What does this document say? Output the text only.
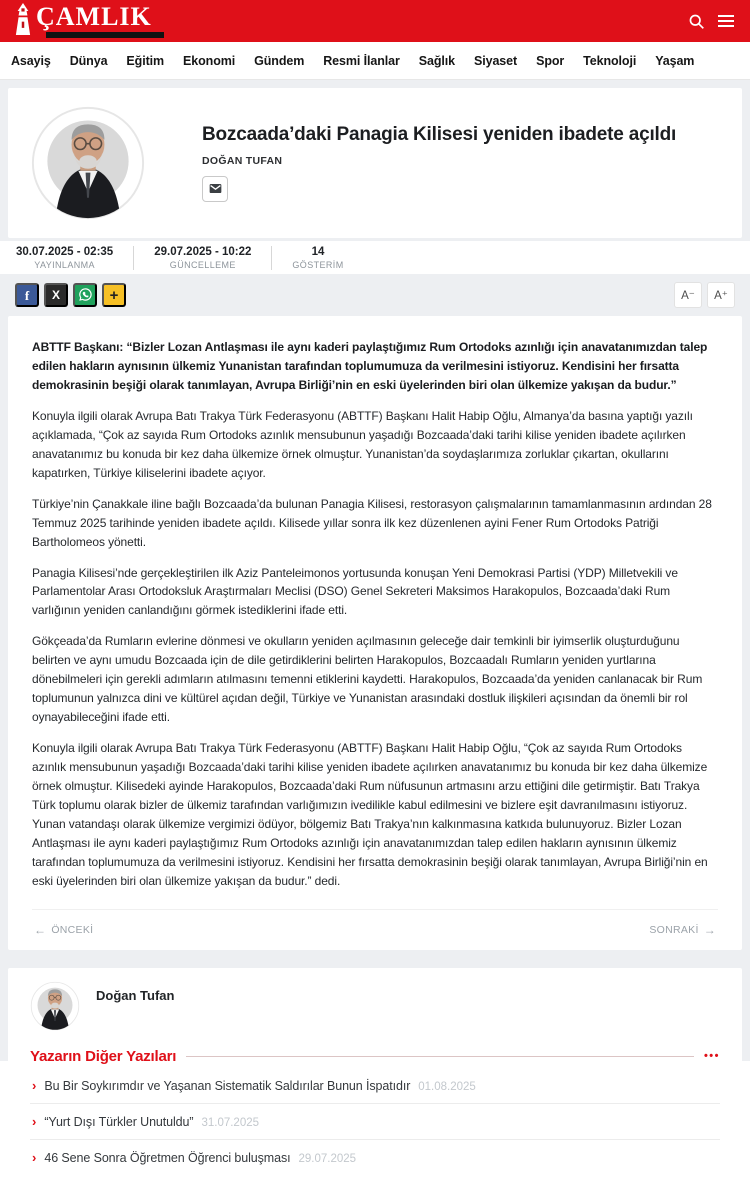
ÇAMLIK
Asayiş Dünya Eğitim Ekonomi Gündem Resmi İlanlar Sağlık Siyaset Spor Teknoloji Yaşam
Bozcaada’daki Panagia Kilisesi yeniden ibadete açıldı
DOĞAN TUFAN
30.07.2025 - 02:35
YAYINLANMA
29.07.2025 - 10:22
GÜNCELLEME
14
GÖSTERİM
f	X	+	A⁻	A⁺

ABTTF Başkanı: “Bizler Lozan Antlaşması ile aynı kaderi paylaştığımız Rum Ortodoks azınlığı için anavatanımızdan talep edilen hakların aynısının ülkemiz Yunanistan tarafından toplumumuza da verilmesini istiyoruz. Kendisini her fırsatta demokrasinin beşiği olarak tanımlayan, Avrupa Birliği’nin en eski üyelerinden biri olan ülkemize yakışan da budur.”

Konuyla ilgili olarak Avrupa Batı Trakya Türk Federasyonu (ABTTF) Başkanı Halit Habip Oğlu, Almanya’da basına yaptığı yazılı açıklamada, “Çok az sayıda Rum Ortodoks azınlık mensubunun yaşadığı Bozcaada’daki tarihi kilise yeniden ibadete açılırken anavatanımız bu konuda bir kez daha ülkemize örnek olmuştur. Yunanistan’da soydaşlarımıza zorluklar çıkartan, okullarını kapatırken, Türkiye kiliselerini ibadete açıyor.

Türkiye’nin Çanakkale iline bağlı Bozcaada’da bulunan Panagia Kilisesi, restorasyon çalışmalarının tamamlanmasının ardından 28 Temmuz 2025 tarihinde yeniden ibadete açıldı. Kilisede yıllar sonra ilk kez düzenlenen ayini Fener Rum Ortodoks Patriği Bartholomeos yönetti.

Panagia Kilisesi’nde gerçekleştirilen ilk Aziz Panteleimonos yortusunda konuşan Yeni Demokrasi Partisi (YDP) Milletvekili ve Parlamentolar Arası Ortodoksluk Araştırmaları Meclisi (DSO) Genel Sekreteri Maksimos Harakopulos, Bozcaada’daki Rum varlığının yeniden canlandığını görmek istediklerini ifade etti.

Gökçeada’da Rumların evlerine dönmesi ve okulların yeniden açılmasının geleceğe dair temkinli bir iyimserlik oluşturduğunu belirten ve aynı umudu Bozcaada için de dile getirdiklerini belirten Harakopulos, Bozcaadalı Rumların yeniden yurtlarına dönebilmeleri için gerekli adımların atılmasını temenni etiklerini kaydetti. Harakopulos, Bozcaada’da yeniden canlanacak bir Rum toplumunun yalnızca dini ve kültürel açıdan değil, Türkiye ve Yunanistan arasındaki dostluk ilişkileri açısından da önemli bir rol oynayabileceğini ifade etti.

Konuyla ilgili olarak Avrupa Batı Trakya Türk Federasyonu (ABTTF) Başkanı Halit Habip Oğlu, “Çok az sayıda Rum Ortodoks azınlık mensubunun yaşadığı Bozcaada’daki tarihi kilise yeniden ibadete açılırken anavatanımız bu konuda bir kez daha ülkemize örnek olmuştur. Kilisedeki ayinde Harakopulos, Bozcaada’daki Rum nüfusunun artmasını arzu ettiğini dile getirmiştir. Batı Trakya Türk toplumu olarak bizler de ülkemiz tarafından varlığımızın ivedilikle kabul edilmesini ve bizlere eşit davranılmasını istiyoruz. Yunan vatandaşı olarak ülkemize vergimizi ödüyor, bölgemiz Batı Trakya’nın kalkınmasına katkıda bulunuyoruz. Bizler Lozan Antlaşması ile aynı kaderi paylaştığımız Rum Ortodoks azınlığı için anavatanımızdan talep edilen hakların aynısının ülkemiz tarafından toplumumuza da verilmesini istiyoruz. Kendisini her fırsatta demokrasinin beşiği olarak tanımlayan, Avrupa Birliği’nin en eski üyelerinden biri olan ülkemize yakışan da budur.” dedi.

← ÖNCEKİ	SONRAKİ →
Doğan Tufan
Yazarın Diğer Yazıları	•••
› Bu Bir Soykırımdır ve Yaşanan Sistematik Saldırılar Bunun İspatıdır 01.08.2025
› “Yurt Dışı Türkler Unutuldu” 31.07.2025
› 46 Sene Sonra Öğretmen Öğrenci buluşması 29.07.2025
